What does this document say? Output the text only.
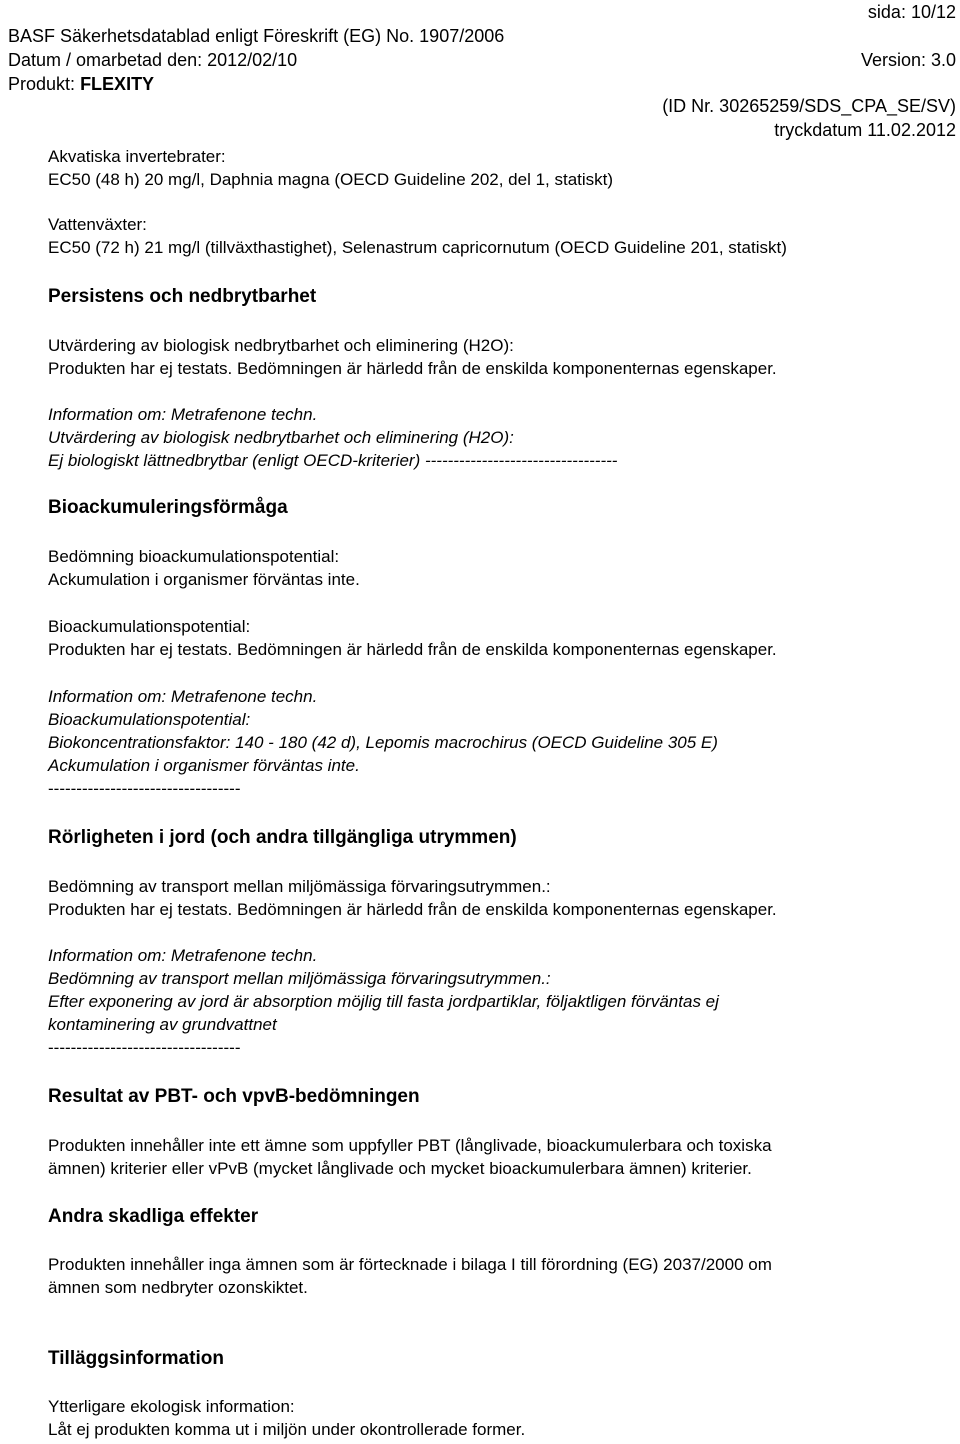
BASF Säkerhetsdatablad enligt Föreskrift (EG) No. 1907/2006
sida: 10/12
Datum / omarbetad den: 2012/02/10	Version: 3.0
Produkt: FLEXITY
(ID Nr. 30265259/SDS_CPA_SE/SV)
tryckdatum 11.02.2012

Akvatiska invertebrater:

EC50 (48 h) 20 mg/l, Daphnia magna (OECD Guideline 202, del 1, statiskt)

Vattenväxter:

EC50 (72 h) 21 mg/l (tillväxthastighet), Selenastrum capricornutum (OECD Guideline 201, statiskt)

Persistens och nedbrytbarhet

Utvärdering av biologisk nedbrytbarhet och eliminering (H2O):

Produkten har ej testats. Bedömningen är härledd från de enskilda komponenternas egenskaper.

Information om: Metrafenone techn.

Utvärdering av biologisk nedbrytbarhet och eliminering (H2O):

Ej biologiskt lättnedbrytbar (enligt OECD-kriterier) ----------------------------------

Bioackumuleringsförmåga

Bedömning bioackumulationspotential:

Ackumulation i organismer förväntas inte.

Bioackumulationspotential:

Produkten har ej testats. Bedömningen är härledd från de enskilda komponenternas egenskaper.

Information om: Metrafenone techn.

Bioackumulationspotential:

Biokoncentrationsfaktor: 140 - 180 (42 d), Lepomis macrochirus (OECD Guideline 305 E)

Ackumulation i organismer förväntas inte.

----------------------------------

Rörligheten i jord (och andra tillgängliga utrymmen)

Bedömning av transport mellan miljömässiga förvaringsutrymmen.:

Produkten har ej testats. Bedömningen är härledd från de enskilda komponenternas egenskaper.

Information om: Metrafenone techn.

Bedömning av transport mellan miljömässiga förvaringsutrymmen.:

Efter exponering av jord är absorption möjlig till fasta jordpartiklar, följaktligen förväntas ej

kontaminering av grundvattnet

----------------------------------

Resultat av PBT- och vpvB-bedömningen

Produkten innehåller inte ett ämne som uppfyller PBT (långlivade, bioackumulerbara och toxiska

ämnen) kriterier eller vPvB (mycket långlivade och mycket bioackumulerbara ämnen) kriterier.

Andra skadliga effekter

Produkten innehåller inga ämnen som är förtecknade i bilaga I till förordning (EG) 2037/2000 om

ämnen som nedbryter ozonskiktet.

Tilläggsinformation

Ytterligare ekologisk information:

Låt ej produkten komma ut i miljön under okontrollerade former.
